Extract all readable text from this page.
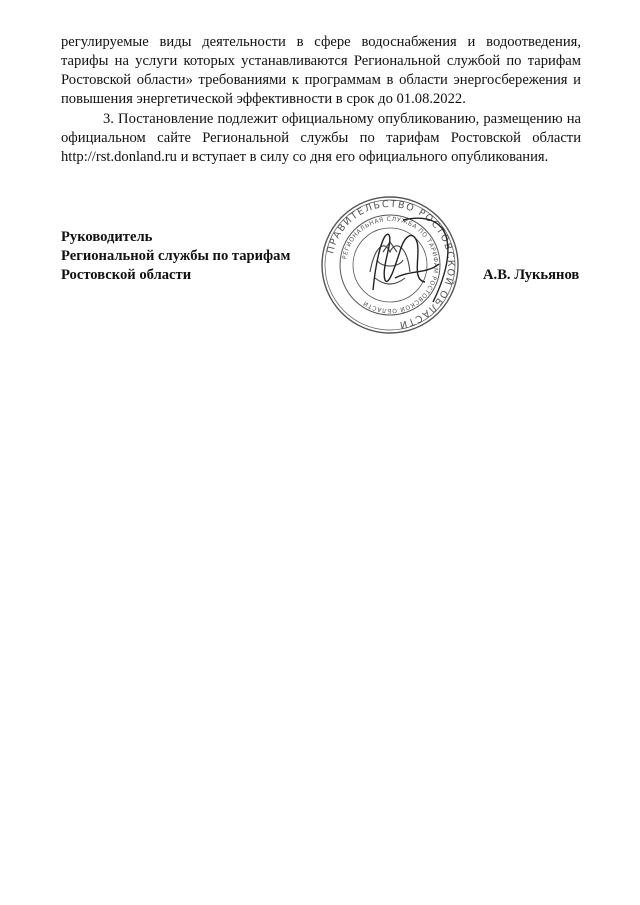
регулируемые виды деятельности в сфере водоснабжения и водоотведения, тарифы на услуги которых устанавливаются Региональной службой по тарифам Ростовской области» требованиями к программам в области энергосбережения и повышения энергетической эффективности в срок до 01.08.2022.

3. Постановление подлежит официальному опубликованию, размещению на официальном сайте Региональной службы по тарифам Ростовской области http://rst.donland.ru и вступает в силу со дня его официального опубликования.

Руководитель
Региональной службы по тарифам
Ростовской области
ПРАВИТЕЛЬСТВО РОСТОВСКОЙ ОБЛАСТИ
РЕГИОНАЛЬНАЯ СЛУЖБА ПО ТАРИФАМ РОСТОВСКОЙ ОБЛАСТИ
А.В. Лукьянов
